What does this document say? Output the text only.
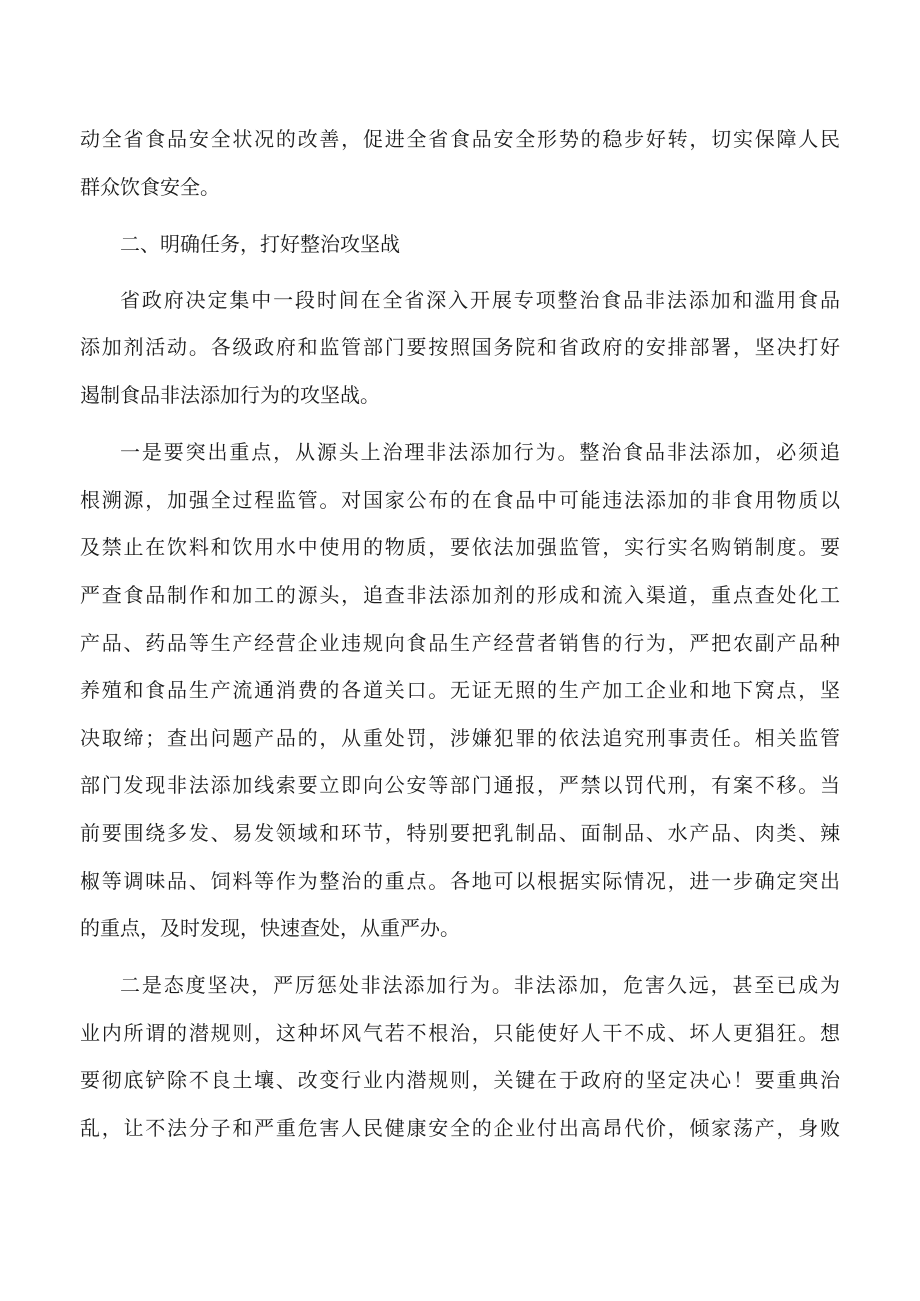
动全省食品安全状况的改善，促进全省食品安全形势的稳步好转，切实保障人民
群众饮食安全。
二、明确任务，打好整治攻坚战
省政府决定集中一段时间在全省深入开展专项整治食品非法添加和滥用食品
添加剂活动。各级政府和监管部门要按照国务院和省政府的安排部署，坚决打好
遏制食品非法添加行为的攻坚战。
一是要突出重点，从源头上治理非法添加行为。整治食品非法添加，必须追
根溯源，加强全过程监管。对国家公布的在食品中可能违法添加的非食用物质以
及禁止在饮料和饮用水中使用的物质，要依法加强监管，实行实名购销制度。要
严查食品制作和加工的源头，追查非法添加剂的形成和流入渠道，重点查处化工
产品、药品等生产经营企业违规向食品生产经营者销售的行为，严把农副产品种
养殖和食品生产流通消费的各道关口。无证无照的生产加工企业和地下窝点，坚
决取缔；查出问题产品的，从重处罚，涉嫌犯罪的依法追究刑事责任。相关监管
部门发现非法添加线索要立即向公安等部门通报，严禁以罚代刑，有案不移。当
前要围绕多发、易发领域和环节，特别要把乳制品、面制品、水产品、肉类、辣
椒等调味品、饲料等作为整治的重点。各地可以根据实际情况，进一步确定突出
的重点，及时发现，快速查处，从重严办。
二是态度坚决，严厉惩处非法添加行为。非法添加，危害久远，甚至已成为
业内所谓的潜规则，这种坏风气若不根治，只能使好人干不成、坏人更猖狂。想
要彻底铲除不良土壤、改变行业内潜规则，关键在于政府的坚定决心！要重典治
乱，让不法分子和严重危害人民健康安全的企业付出高昂代价，倾家荡产，身败
